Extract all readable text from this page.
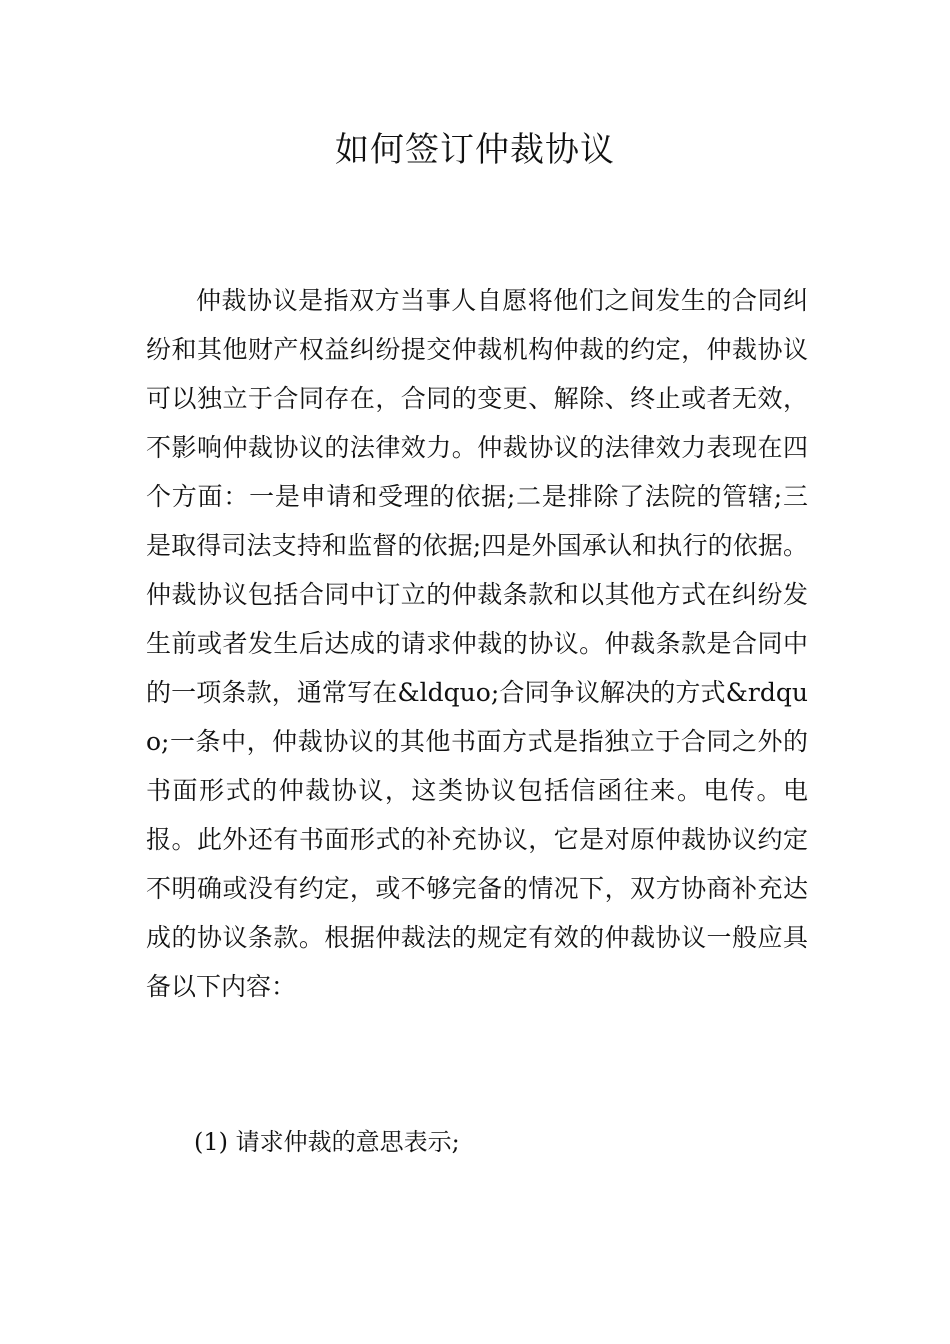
如何签订仲裁协议
仲裁协议是指双方当事人自愿将他们之间发生的合同纠纷和其他财产权益纠纷提交仲裁机构仲裁的约定，仲裁协议可以独立于合同存在，合同的变更、解除、终止或者无效，不影响仲裁协议的法律效力。仲裁协议的法律效力表现在四个方面：一是申请和受理的依据;二是排除了法院的管辖;三是取得司法支持和监督的依据;四是外国承认和执行的依据。仲裁协议包括合同中订立的仲裁条款和以其他方式在纠纷发生前或者发生后达成的请求仲裁的协议。仲裁条款是合同中的一项条款，通常写在&ldquo;合同争议解决的方式&rdquo;一条中，仲裁协议的其他书面方式是指独立于合同之外的书面形式的仲裁协议，这类协议包括信函往来。电传。电报。此外还有书面形式的补充协议，它是对原仲裁协议约定不明确或没有约定，或不够完备的情况下，双方协商补充达成的协议条款。根据仲裁法的规定有效的仲裁协议一般应具备以下内容：
(1) 请求仲裁的意思表示;
